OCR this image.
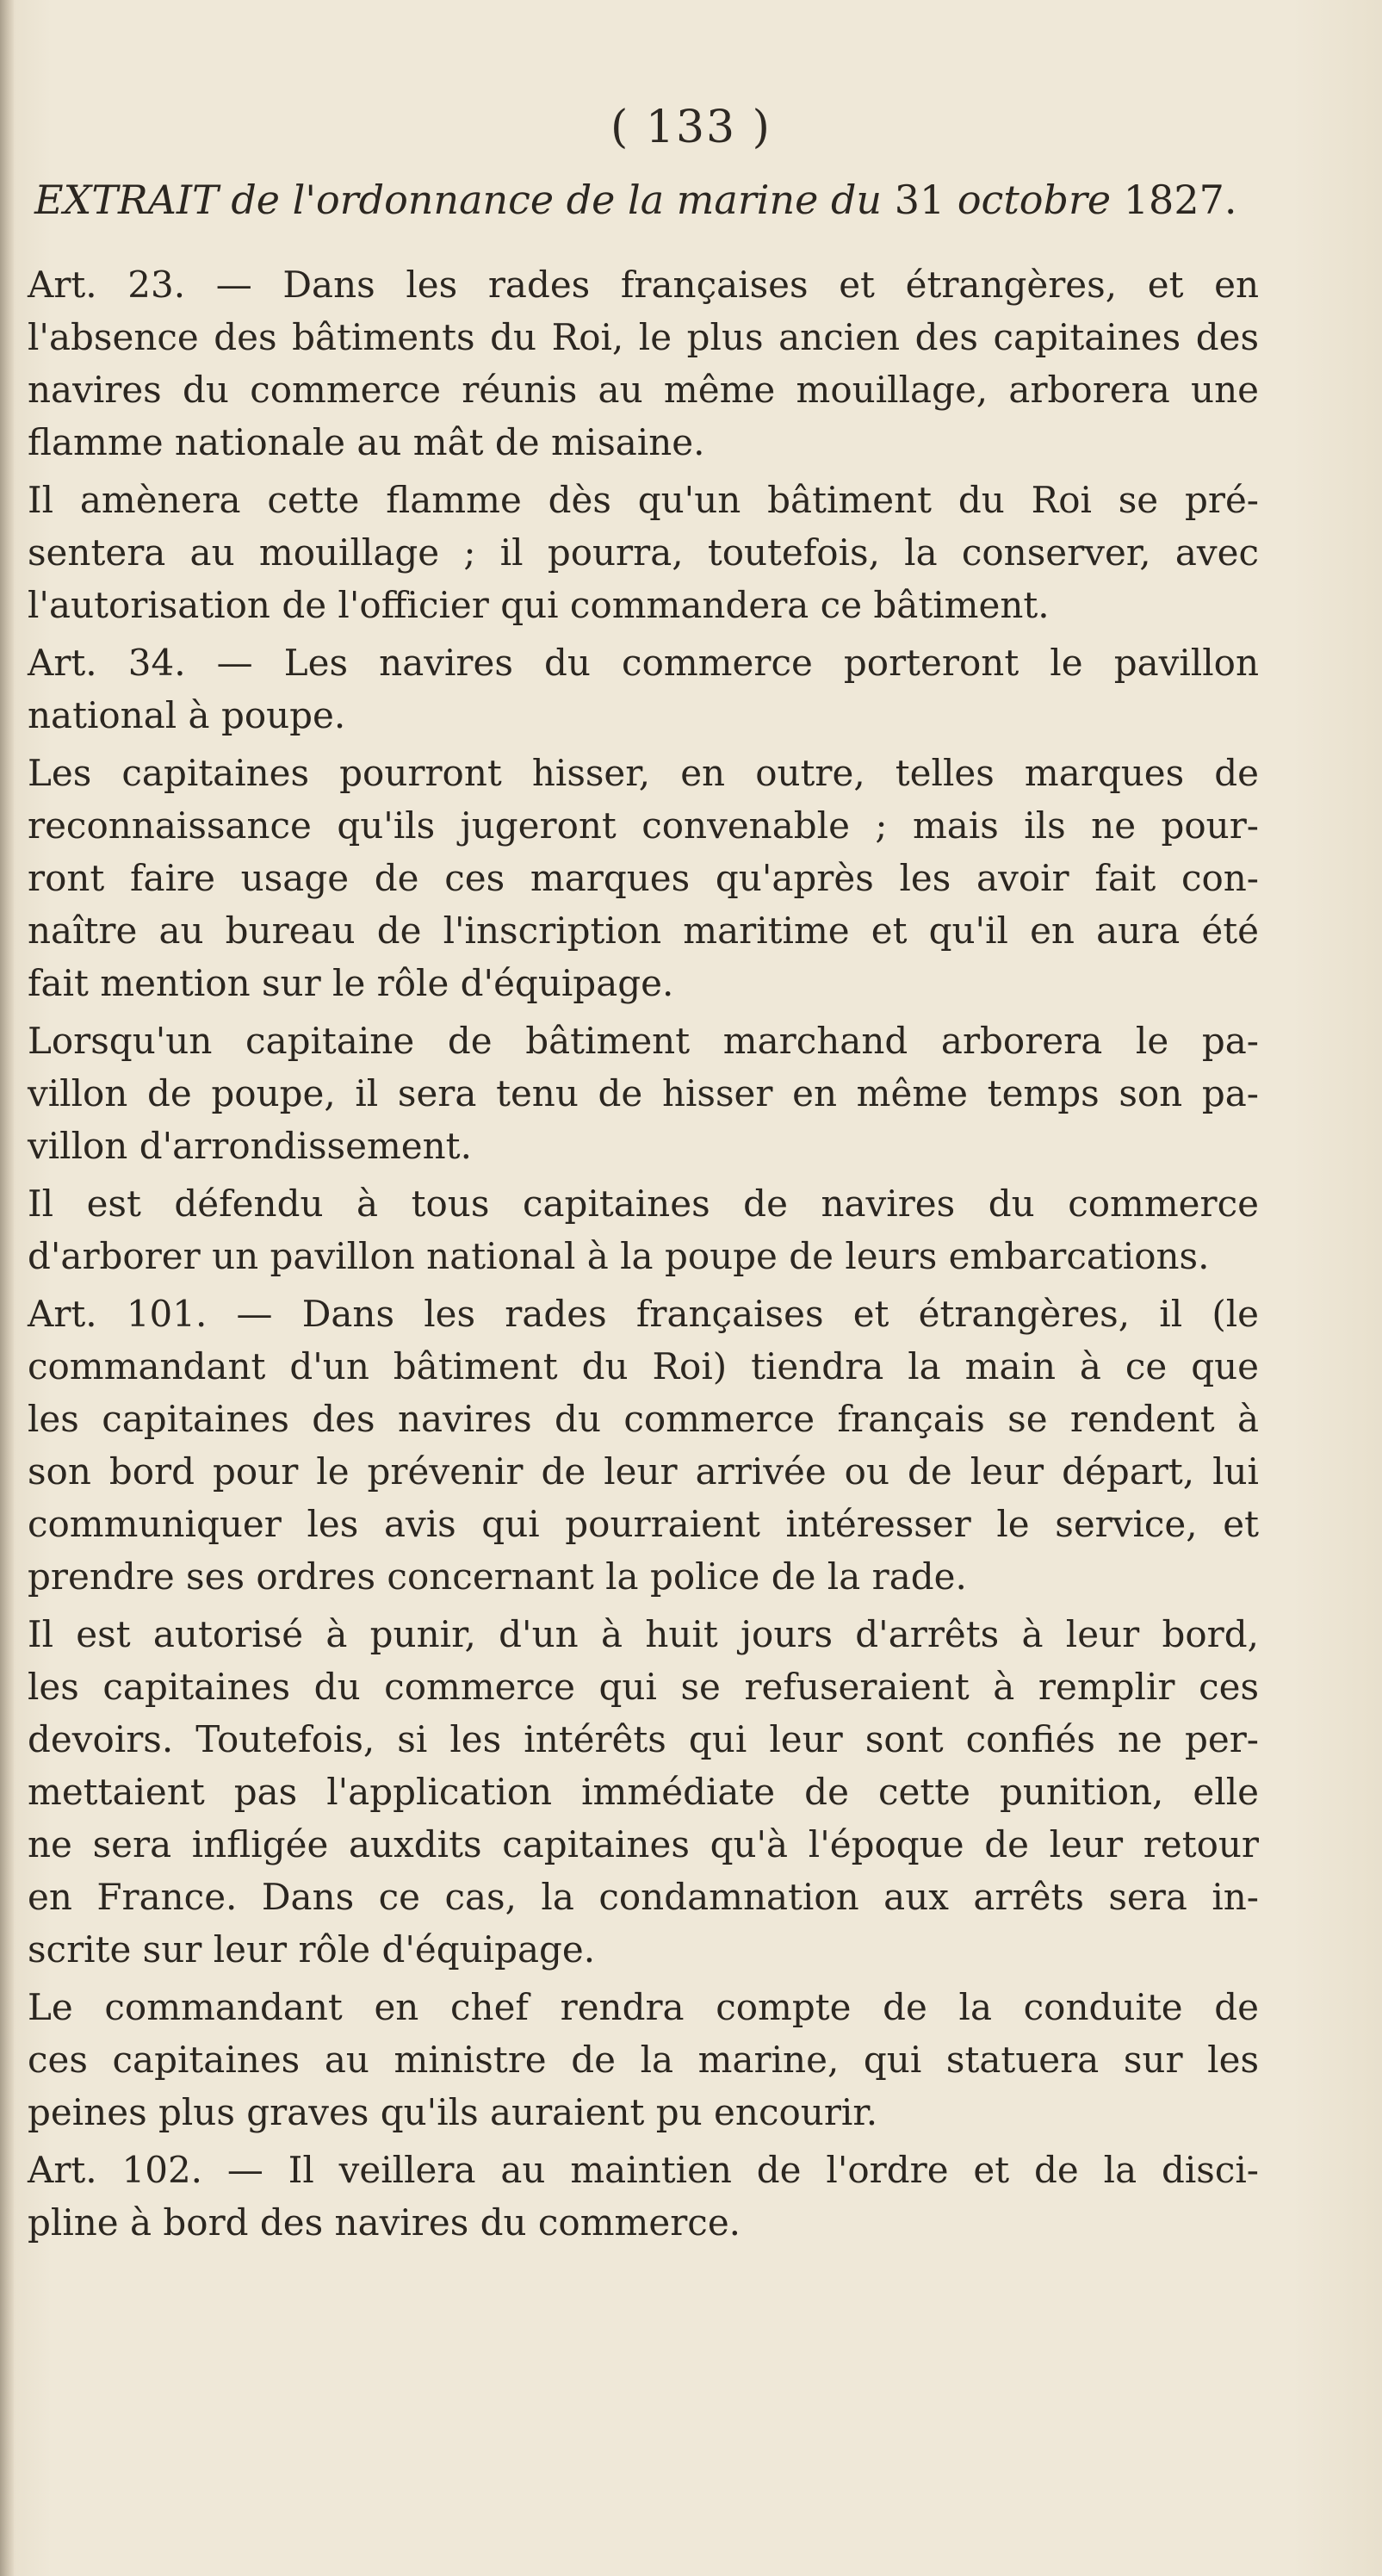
( 133 )
EXTRAIT de l'ordonnance de la marine du 31 octobre 1827.
Art. 23. — Dans les rades françaises et étrangères, et en
l'absence des bâtiments du Roi, le plus ancien des capitaines des
navires du commerce réunis au même mouillage, arborera une
flamme nationale au mât de misaine.
Il amènera cette flamme dès qu'un bâtiment du Roi se pré-
sentera au mouillage ; il pourra, toutefois, la conserver, avec
l'autorisation de l'officier qui commandera ce bâtiment.
Art. 34. — Les navires du commerce porteront le pavillon
national à poupe.
Les capitaines pourront hisser, en outre, telles marques de
reconnaissance qu'ils jugeront convenable ; mais ils ne pour-
ront faire usage de ces marques qu'après les avoir fait con-
naître au bureau de l'inscription maritime et qu'il en aura été
fait mention sur le rôle d'équipage.
Lorsqu'un capitaine de bâtiment marchand arborera le pa-
villon de poupe, il sera tenu de hisser en même temps son pa-
villon d'arrondissement.
Il est défendu à tous capitaines de navires du commerce
d'arborer un pavillon national à la poupe de leurs embarcations.
Art. 101. — Dans les rades françaises et étrangères, il (le
commandant d'un bâtiment du Roi) tiendra la main à ce que
les capitaines des navires du commerce français se rendent à
son bord pour le prévenir de leur arrivée ou de leur départ, lui
communiquer les avis qui pourraient intéresser le service, et
prendre ses ordres concernant la police de la rade.
Il est autorisé à punir, d'un à huit jours d'arrêts à leur bord,
les capitaines du commerce qui se refuseraient à remplir ces
devoirs. Toutefois, si les intérêts qui leur sont confiés ne per-
mettaient pas l'application immédiate de cette punition, elle
ne sera infligée auxdits capitaines qu'à l'époque de leur retour
en France. Dans ce cas, la condamnation aux arrêts sera in-
scrite sur leur rôle d'équipage.
Le commandant en chef rendra compte de la conduite de
ces capitaines au ministre de la marine, qui statuera sur les
peines plus graves qu'ils auraient pu encourir.
Art. 102. — Il veillera au maintien de l'ordre et de la disci-
pline à bord des navires du commerce.
